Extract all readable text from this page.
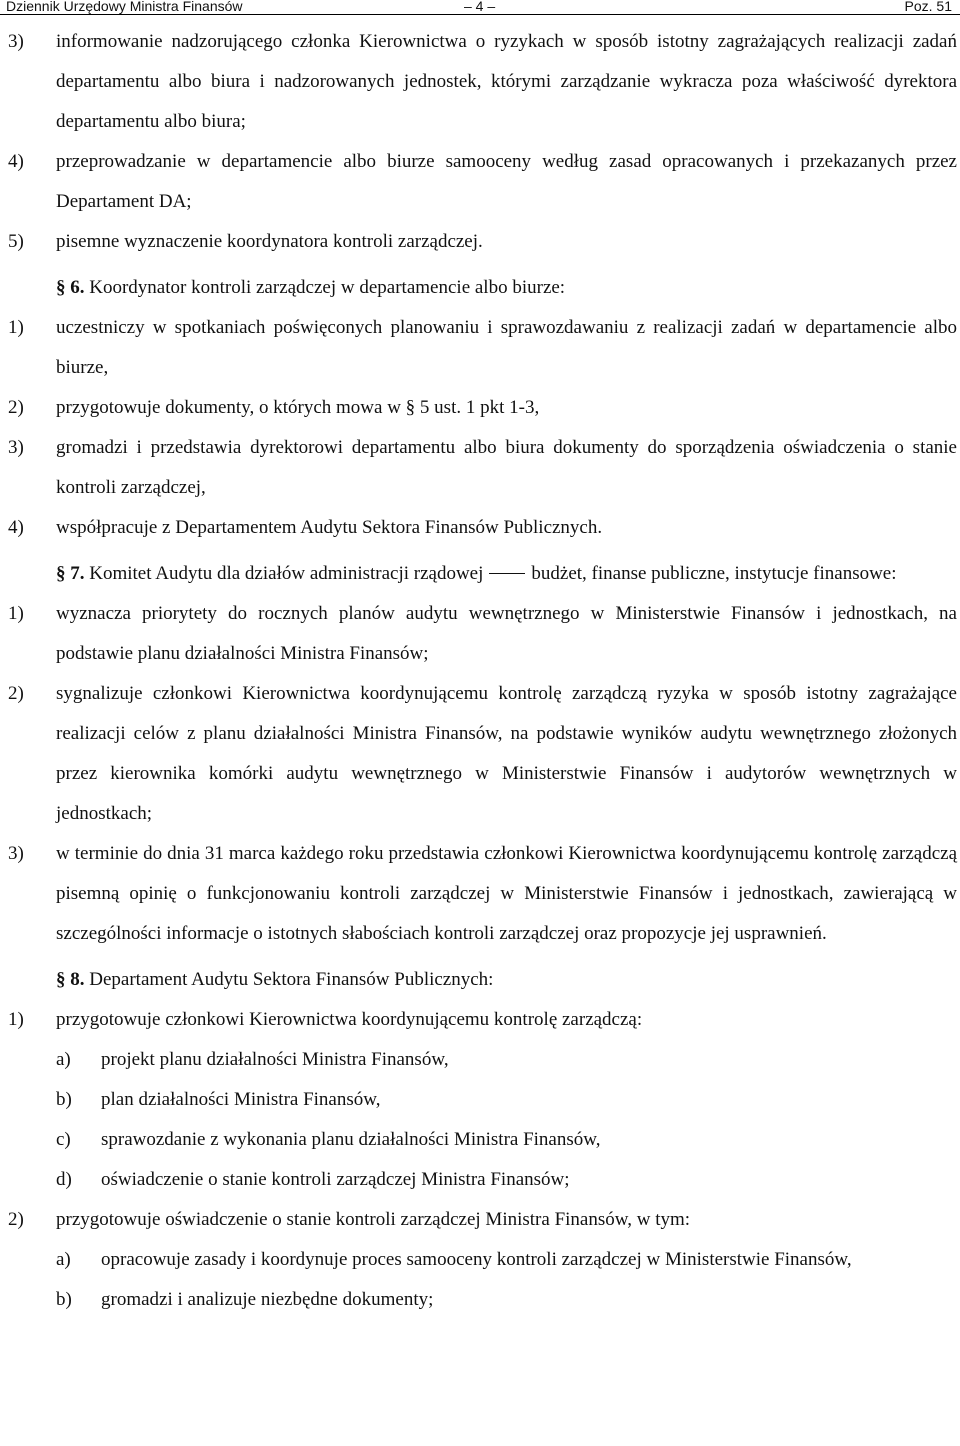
Dziennik Urzędowy Ministra Finansów	– 4 –	Poz. 51
3) informowanie nadzorującego członka Kierownictwa o ryzykach w sposób istotny zagrażających realizacji zadań departamentu albo biura i nadzorowanych jednostek, którymi zarządzanie wykracza poza właściwość dyrektora departamentu albo biura;
4) przeprowadzanie w departamencie albo biurze samooceny według zasad opracowanych i przekazanych przez Departament DA;
5) pisemne wyznaczenie koordynatora kontroli zarządczej.
§ 6. Koordynator kontroli zarządczej w departamencie albo biurze:
1) uczestniczy w spotkaniach poświęconych planowaniu i sprawozdawaniu z realizacji zadań w departamencie albo biurze,
2) przygotowuje dokumenty, o których mowa w § 5 ust. 1 pkt 1-3,
3) gromadzi i przedstawia dyrektorowi departamentu albo biura dokumenty do sporządzenia oświadczenia o stanie kontroli zarządczej,
4) współpracuje z Departamentem Audytu Sektora Finansów Publicznych.
§ 7. Komitet Audytu dla działów administracji rządowej	budżet, finanse publiczne, instytucje finansowe:
1) wyznacza priorytety do rocznych planów audytu wewnętrznego w Ministerstwie Finansów i jednostkach, na podstawie planu działalności Ministra Finansów;
2) sygnalizuje członkowi Kierownictwa koordynującemu kontrolę zarządczą ryzyka w sposób istotny zagrażające realizacji celów z planu działalności Ministra Finansów, na podstawie wyników audytu wewnętrznego złożonych przez kierownika komórki audytu wewnętrznego w Ministerstwie Finansów i audytorów wewnętrznych w jednostkach;
3) w terminie do dnia 31 marca każdego roku przedstawia członkowi Kierownictwa koordynującemu kontrolę zarządczą pisemną opinię o funkcjonowaniu kontroli zarządczej w Ministerstwie Finansów i jednostkach, zawierającą w szczególności informacje o istotnych słabościach kontroli zarządczej oraz propozycje jej usprawnień.
§ 8. Departament Audytu Sektora Finansów Publicznych:
1) przygotowuje członkowi Kierownictwa koordynującemu kontrolę zarządczą:
a) projekt planu działalności Ministra Finansów,
b) plan działalności Ministra Finansów,
c) sprawozdanie z wykonania planu działalności Ministra Finansów,
d) oświadczenie o stanie kontroli zarządczej Ministra Finansów;
2) przygotowuje oświadczenie o stanie kontroli zarządczej Ministra Finansów, w tym:
a) opracowuje zasady i koordynuje proces samooceny kontroli zarządczej w Ministerstwie Finansów,
b) gromadzi i analizuje niezbędne dokumenty;
